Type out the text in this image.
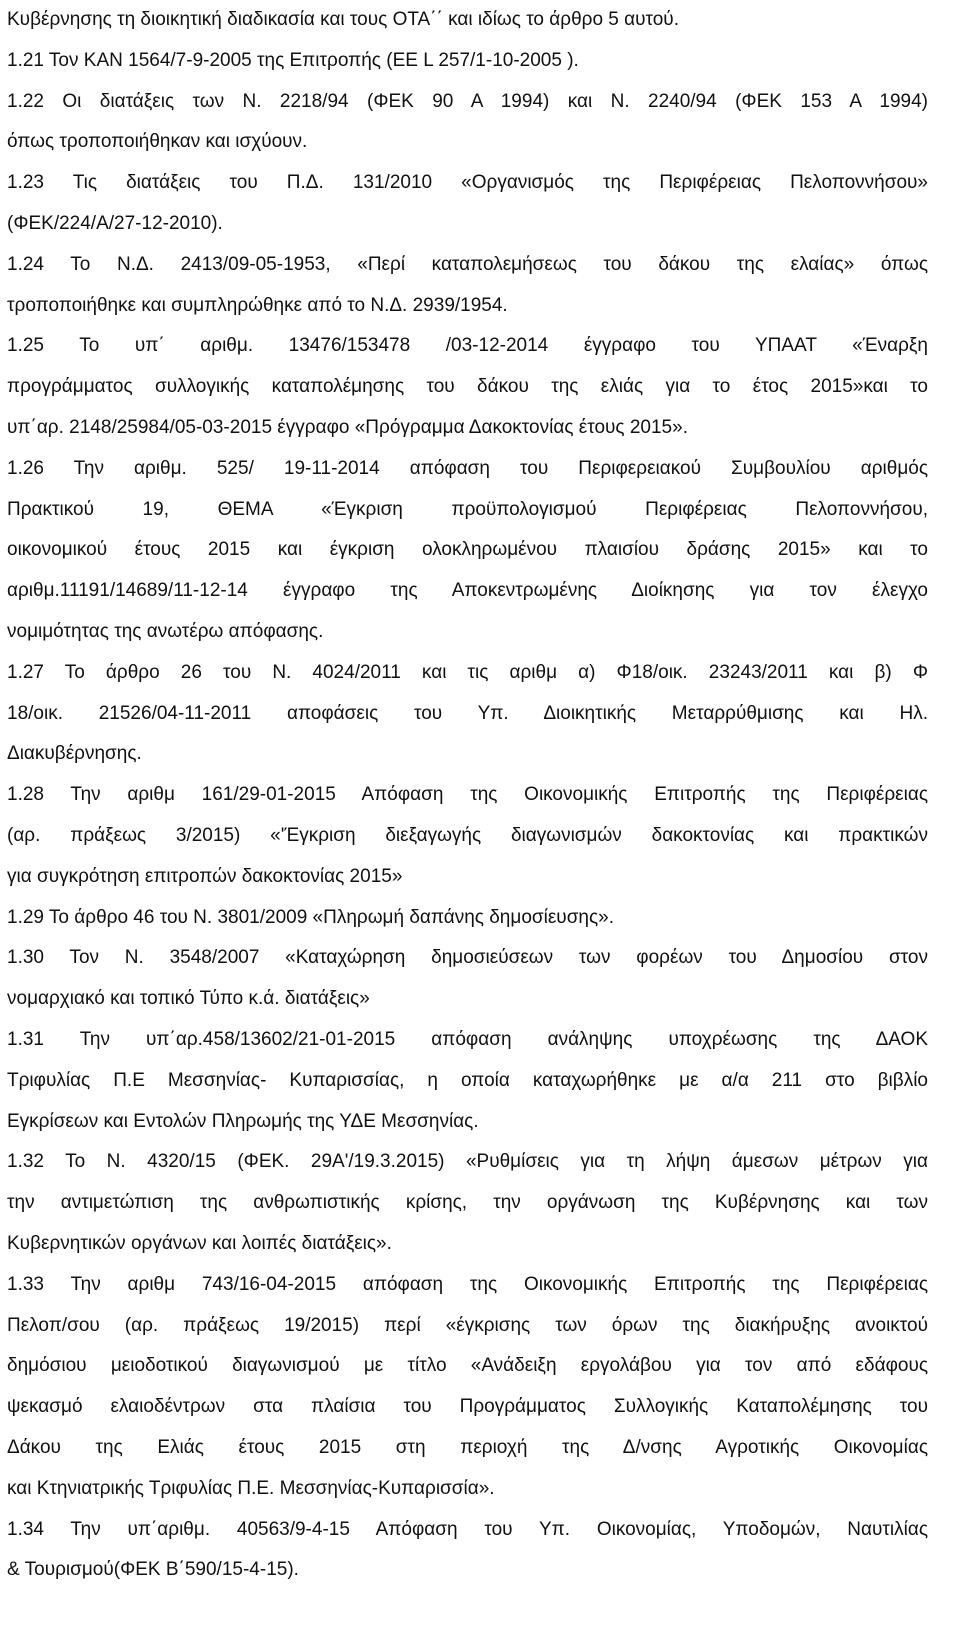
Κυβέρνησης τη διοικητική διαδικασία και τους ΟΤΑ΄΄ και ιδίως το άρθρο 5 αυτού.
1.21 Τον ΚΑΝ 1564/7-9-2005 της Επιτροπής (ΕΕ L 257/1-10-2005 ).
1.22 Οι διατάξεις των Ν. 2218/94 (ΦΕΚ 90 Α 1994) και Ν. 2240/94 (ΦΕΚ 153 Α 1994)
όπως τροποποιήθηκαν και ισχύουν.
1.23 Τις διατάξεις του Π.Δ. 131/2010 «Οργανισμός της Περιφέρειας Πελοποννήσου»
(ΦΕΚ/224/Α/27-12-2010).
1.24 Το Ν.Δ. 2413/09-05-1953, «Περί καταπολεμήσεως του δάκου της ελαίας» όπως
τροποποιήθηκε και συμπληρώθηκε από το Ν.Δ. 2939/1954.
1.25 Το υπ΄ αριθμ. 13476/153478 /03-12-2014 έγγραφο του ΥΠΑΑΤ «Έναρξη
προγράμματος συλλογικής καταπολέμησης του δάκου της ελιάς για το έτος 2015»και το
υπ΄αρ. 2148/25984/05-03-2015 έγγραφο «Πρόγραμμα Δακοκτονίας έτους 2015».
1.26 Την αριθμ. 525/ 19-11-2014 απόφαση του Περιφερειακού Συμβουλίου αριθμός
Πρακτικού 19, ΘΕΜΑ «Έγκριση προϋπολογισμού Περιφέρειας Πελοποννήσου,
οικονομικού έτους 2015 και έγκριση ολοκληρωμένου πλαισίου δράσης 2015» και το
αριθμ.11191/14689/11-12-14 έγγραφο της Αποκεντρωμένης Διοίκησης για τον έλεγχο
νομιμότητας της ανωτέρω απόφασης.
1.27 Το άρθρο 26 του Ν. 4024/2011 και τις αριθμ α) Φ18/οικ. 23243/2011 και β) Φ
18/οικ. 21526/04-11-2011 αποφάσεις του Υπ. Διοικητικής Μεταρρύθμισης και Ηλ.
Διακυβέρνησης.
1.28 Την αριθμ 161/29-01-2015 Απόφαση της Οικονομικής Επιτροπής της Περιφέρειας
(αρ. πράξεως 3/2015) «'Έγκριση διεξαγωγής διαγωνισμών δακοκτονίας και πρακτικών
για συγκρότηση επιτροπών δακοκτονίας 2015»
1.29 Το άρθρο 46 του Ν. 3801/2009 «Πληρωμή δαπάνης δημοσίευσης».
1.30 Τον Ν. 3548/2007 «Καταχώρηση δημοσιεύσεων των φορέων του Δημοσίου στον
νομαρχιακό και τοπικό Τύπο κ.ά. διατάξεις»
1.31 Την υπ΄αρ.458/13602/21-01-2015 απόφαση ανάληψης υποχρέωσης της ΔΑΟΚ
Τριφυλίας Π.Ε Μεσσηνίας- Κυπαρισσίας, η οποία καταχωρήθηκε με α/α 211 στο βιβλίο
Εγκρίσεων και Εντολών Πληρωμής της ΥΔΕ Μεσσηνίας.
1.32 Το Ν. 4320/15 (ΦΕΚ. 29Α'/19.3.2015) «Ρυθμίσεις για τη λήψη άμεσων μέτρων για
την αντιμετώπιση της ανθρωπιστικής κρίσης, την οργάνωση της Κυβέρνησης και των
Κυβερνητικών οργάνων και λοιπές διατάξεις».
1.33 Την αριθμ 743/16-04-2015 απόφαση της Οικονομικής Επιτροπής της Περιφέρειας
Πελοπ/σου (αρ. πράξεως 19/2015) περί «έγκρισης των όρων της διακήρυξης ανοικτού
δημόσιου μειοδοτικού διαγωνισμού με τίτλο «Ανάδειξη εργολάβου για τον από εδάφους
ψεκασμό ελαιοδέντρων στα πλαίσια του Προγράμματος Συλλογικής Καταπολέμησης του
Δάκου της Ελιάς έτους 2015 στη περιοχή της Δ/νσης Αγροτικής Οικονομίας
και Κτηνιατρικής Τριφυλίας Π.Ε. Μεσσηνίας-Κυπαρισσία».
1.34 Την υπ΄αριθμ. 40563/9-4-15 Απόφαση του Υπ. Οικονομίας, Υποδομών, Ναυτιλίας
& Τουρισμού(ΦΕΚ Β΄590/15-4-15).
